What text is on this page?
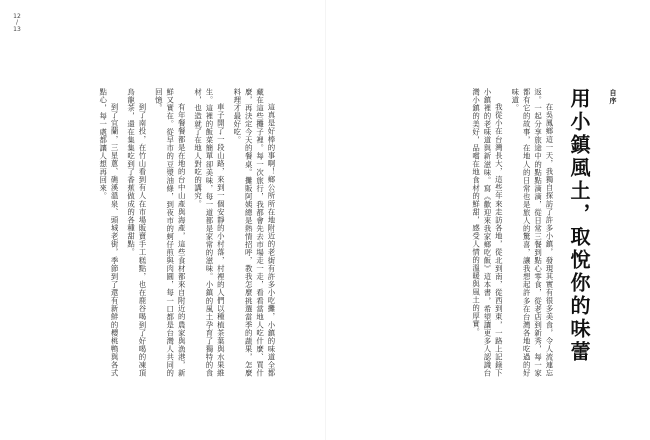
12
/
13
自序
用小鎮風土，取悅你的味蕾

在吳鳳鄉這一天，我獨自探訪了許多小鎮，發現其實有很多美食，令人流連忘返。一起分享旅途中的點點滴滴，從日常三餐到點心零食，從老店到新秀，每一家都有它的故事，在地人的日常也是旅人的驚喜，讓我想起許多在台灣各地吃過的好味道。

我從小在台灣長大，這些年來走訪各地，從北到南，從西到東，一路上記錄下小鎮裡的老味道與新滋味。寫《歡迎來我家鄉吃飯》這本書，希望讓更多人認識台灣小鎮的美好，品嚐在地食材的鮮甜，感受人情的溫暖與風土的厚實。

這真是好棒的事啊！鄉公所所在地附近的老街有許多小吃攤，小鎮的味道全都藏在這些攤子裡。每一次旅行，我都會先去市場走一走，看看當地人吃什麼、買什麼，再決定今天的餐桌。攤販阿姨總是熱情招呼，教我怎麼挑選當季的蔬果，怎麼料理才最好吃。

車子開了一段山路，來到一個安靜的小村落，村裡的人們以種植茶葉與水果維生。這裡的飯菜簡單卻美味，每一道都是家常的滋味。小鎮的風土孕育了獨特的食材，也造就了在地人對吃的講究。

有年餐餐都是在地的台中山產與海產，這些食材都來自附近的農家與漁港，新鮮又實在。從早市的豆漿油條，到夜市的蚵仔煎與肉圓，每一口都是台灣人共同的回憶。

到了南投，在竹山看到有人在市場販賣手工糕點，也在鹿谷喝到了好喝的凍頂烏龍茶，還在集集吃到了香蕉做成的各種甜點。

到了宜蘭，三星蔥、礁溪溫泉、頭城老街，季節到了還有新鮮的櫻桃鴨與各式點心，每一處都讓人想再回來。
